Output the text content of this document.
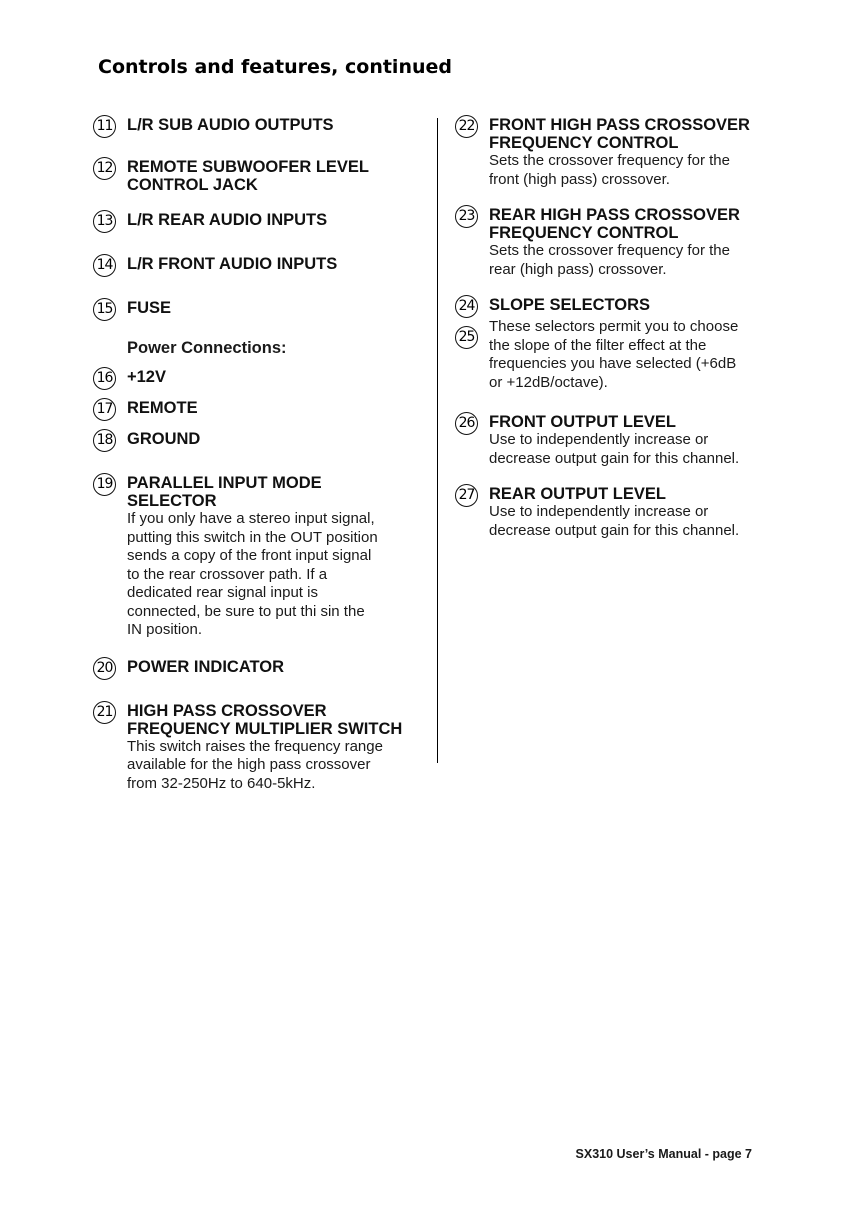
Controls and features, continued
11 L/R SUB AUDIO OUTPUTS
12 REMOTE SUBWOOFER LEVEL
CONTROL JACK
13 L/R REAR AUDIO INPUTS
14 L/R FRONT AUDIO INPUTS
15 FUSE
Power Connections:
16 +12V
17 REMOTE
18 GROUND
19 PARALLEL INPUT MODE
SELECTOR
If you only have a stereo input signal,
putting this switch in the OUT position
sends a copy of the front input signal
to the rear crossover path. If a
dedicated rear signal input is
connected, be sure to put thi sin the
IN position.
20 POWER INDICATOR
21 HIGH PASS CROSSOVER
FREQUENCY MULTIPLIER SWITCH
This switch raises the frequency range
available for the high pass crossover
from 32-250Hz to 640-5kHz.
22 FRONT HIGH PASS CROSSOVER
FREQUENCY CONTROL
Sets the crossover frequency for the
front (high pass) crossover.
23 REAR HIGH PASS CROSSOVER
FREQUENCY CONTROL
Sets the crossover frequency for the
rear (high pass) crossover.
24 SLOPE SELECTORS
25
These selectors permit you to choose
the slope of the filter effect at the
frequencies you have selected (+6dB
or +12dB/octave).
26 FRONT OUTPUT LEVEL
Use to independently increase or
decrease output gain for this channel.
27 REAR OUTPUT LEVEL
Use to independently increase or
decrease output gain for this channel.
SX310 User’s Manual - page 7
